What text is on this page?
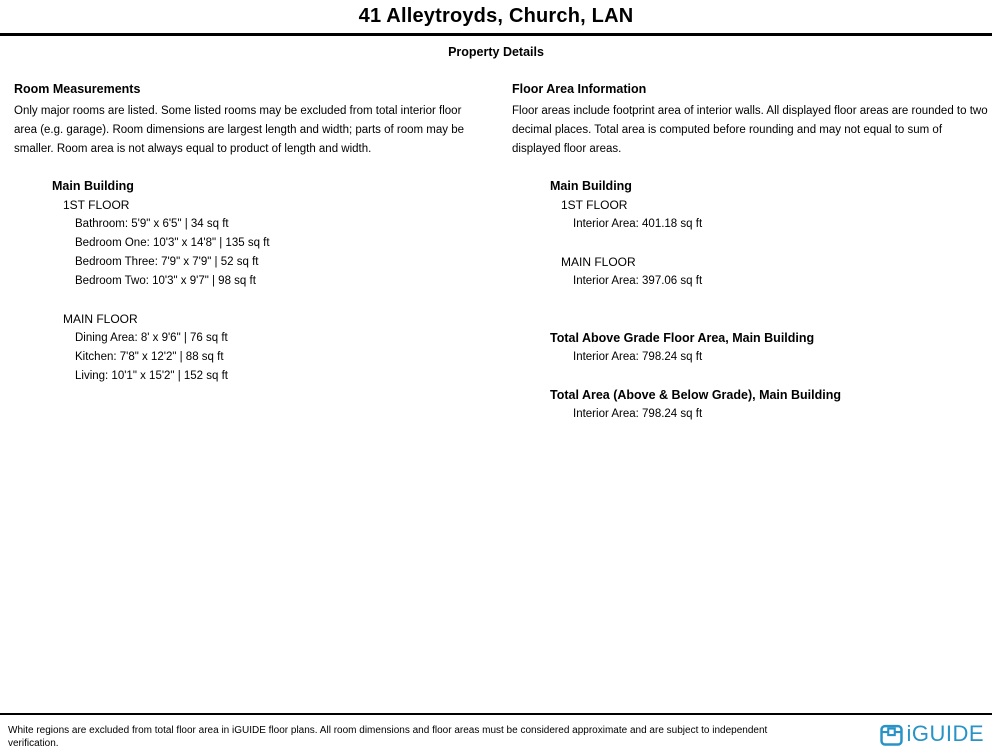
41 Alleytroyds, Church, LAN
Property Details
Room Measurements

Only major rooms are listed. Some listed rooms may be excluded from total interior floor area (e.g. garage). Room dimensions are largest length and width; parts of room may be smaller. Room area is not always equal to product of length and width.

Main Building
1ST FLOOR
Bathroom: 5'9" x 6'5" | 34 sq ft
Bedroom One: 10'3" x 14'8" | 135 sq ft
Bedroom Three: 7'9" x 7'9" | 52 sq ft
Bedroom Two: 10'3" x 9'7" | 98 sq ft
MAIN FLOOR
Dining Area: 8' x 9'6" | 76 sq ft
Kitchen: 7'8" x 12'2" | 88 sq ft
Living: 10'1" x 15'2" | 152 sq ft
Floor Area Information

Floor areas include footprint area of interior walls. All displayed floor areas are rounded to two decimal places. Total area is computed before rounding and may not equal to sum of displayed floor areas.

Main Building
1ST FLOOR
Interior Area: 401.18 sq ft
MAIN FLOOR
Interior Area: 397.06 sq ft
Total Above Grade Floor Area, Main Building
Interior Area: 798.24 sq ft
Total Area (Above & Below Grade), Main Building
Interior Area: 798.24 sq ft

White regions are excluded from total floor area in iGUIDE floor plans. All room dimensions and floor areas must be considered approximate and are subject to independent verification.	iGUIDE
